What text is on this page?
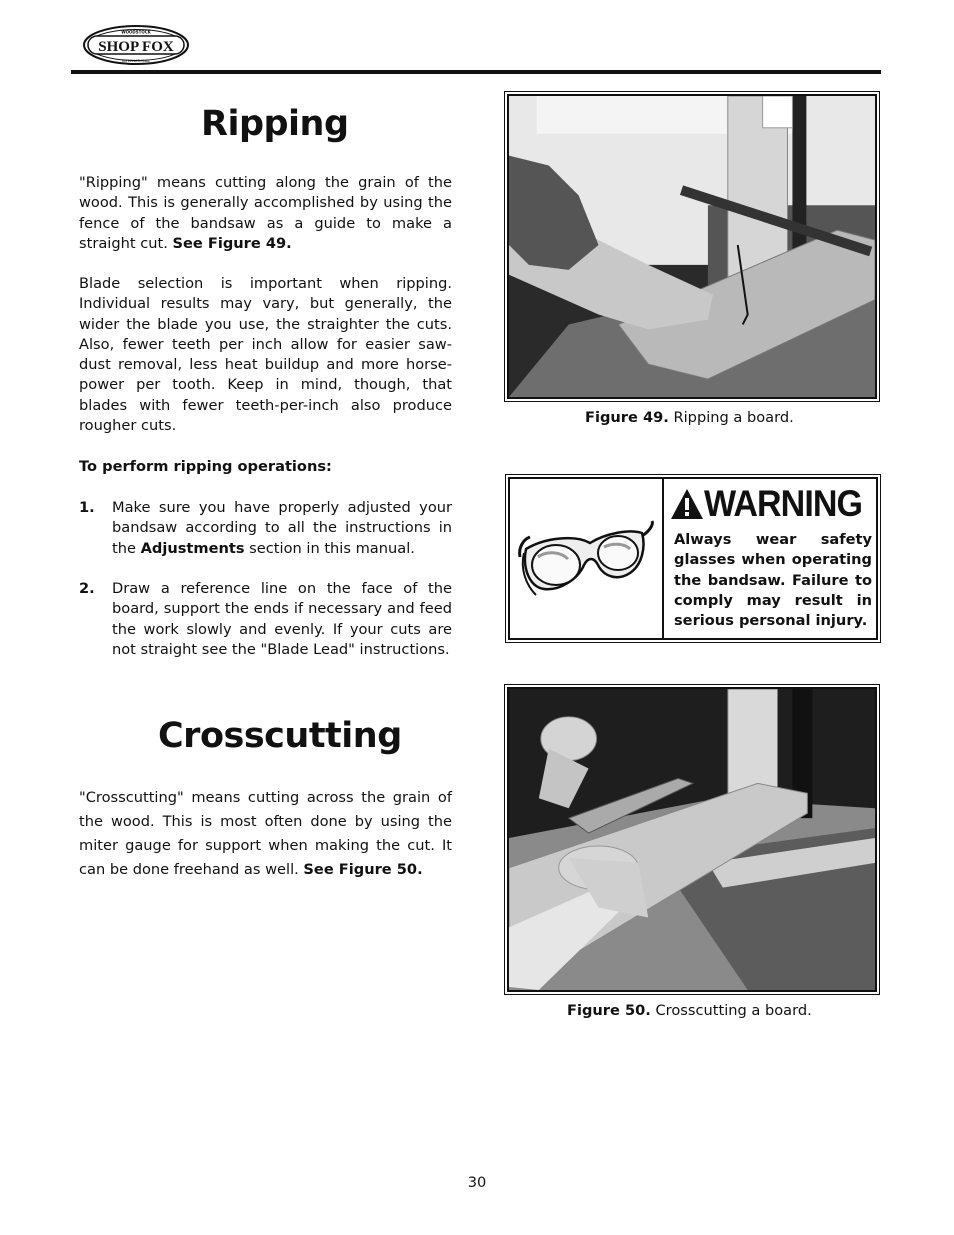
SHOP FOX
WOODSTOCK
INTERNATIONAL
Ripping

"Ripping" means cutting along the grain of the wood. This is generally accomplished by using the fence of the bandsaw as a guide to make a straight cut. See Figure 49.

Blade selection is important when ripping. Individual results may vary, but generally, the wider the blade you use, the straighter the cuts. Also, fewer teeth per inch allow for easier saw-dust removal, less heat buildup and more horse-power per tooth. Keep in mind, though, that blades with fewer teeth-per-inch also produce rougher cuts.

To perform ripping operations:

1. Make sure you have properly adjusted your bandsaw according to all the instructions in the Adjustments section in this manual.
2. Draw a reference line on the face of the board, support the ends if necessary and feed the work slowly and evenly. If your cuts are not straight see the "Blade Lead" instructions.
Crosscutting

"Crosscutting" means cutting across the grain of the wood. This is most often done by using the miter gauge for support when making the cut. It can be done freehand as well. See Figure 50.

Figure 49. Ripping a board.
WARNING
Always wear safety glasses when operating the bandsaw. Failure to comply may result in serious personal injury.
Figure 50. Crosscutting a board.
30
